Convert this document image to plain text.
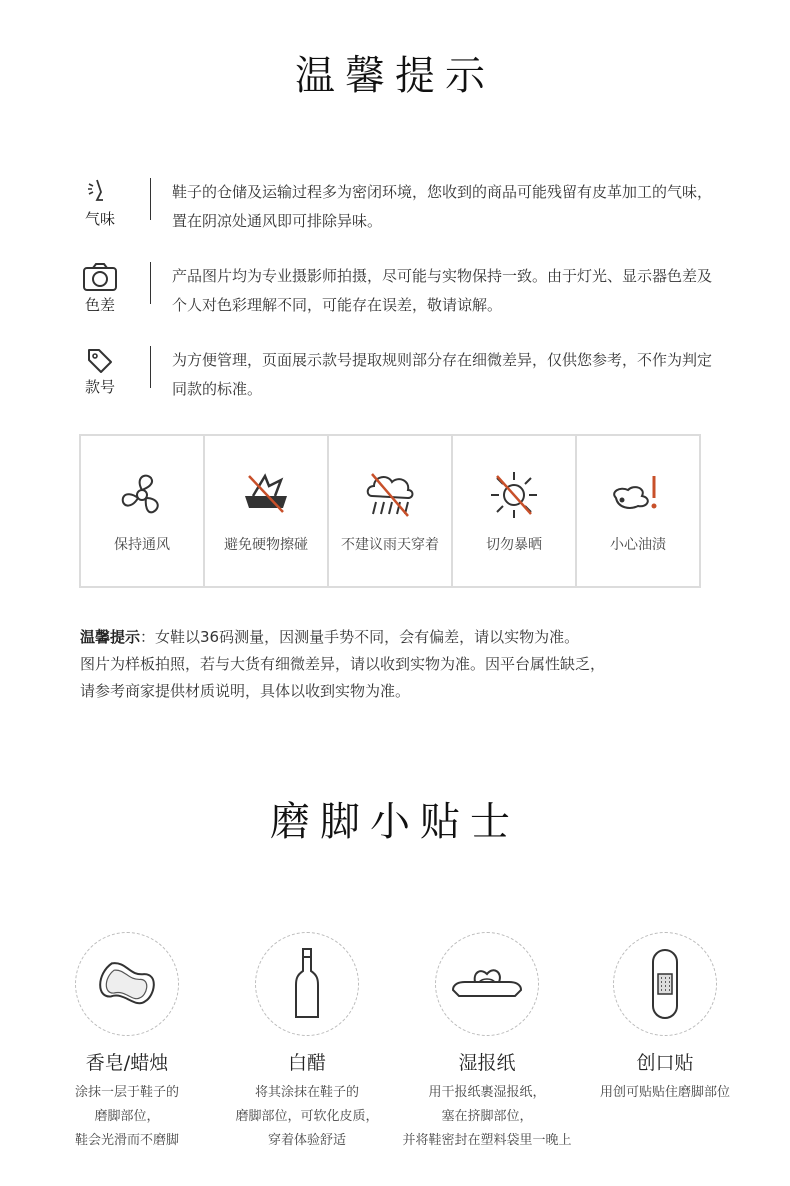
温馨提示
气味
鞋子的仓储及运输过程多为密闭环境，您收到的商品可能残留有皮革加工的气味，置在阴凉处通风即可排除异味。
色差
产品图片均为专业摄影师拍摄，尽可能与实物保持一致。由于灯光、显示器色差及个人对色彩理解不同，可能存在误差，敬请谅解。
款号
为方便管理，页面展示款号提取规则部分存在细微差异，仅供您参考，不作为判定同款的标准。
保持通风	避免硬物擦碰	不建议雨天穿着	切勿暴晒	小心油渍
温馨提示：女鞋以36码测量，因测量手势不同，会有偏差，请以实物为准。
图片为样板拍照，若与大货有细微差异，请以收到实物为准。因平台属性缺乏，
请参考商家提供材质说明，具体以收到实物为准。
磨脚小贴士
香皂/蜡烛
涂抹一层于鞋子的
磨脚部位，
鞋会光滑而不磨脚
白醋
将其涂抹在鞋子的
磨脚部位，可软化皮质，
穿着体验舒适
湿报纸
用干报纸裹湿报纸，
塞在挤脚部位，
并将鞋密封在塑料袋里一晚上
创口贴
用创可贴贴住磨脚部位
